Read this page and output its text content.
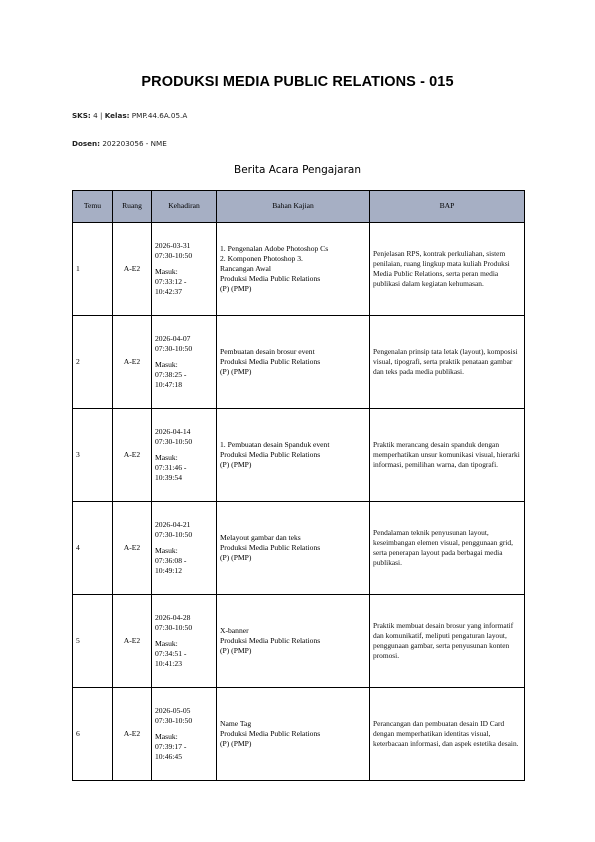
PRODUKSI MEDIA PUBLIC RELATIONS - 015
SKS: 4 | Kelas: PMP.44.6A.05.A
Dosen: 202203056 - NME
Berita Acara Pengajaran
Temu	Ruang	Kehadiran	Bahan Kajian	BAP
1	A-E2	2026-03-31
07:30-10:50
Masuk:
07:33:12 -
10:42:37	1. Pengenalan Adobe Photoshop Cs
2. Komponen Photoshop 3.
Rancangan Awal
Produksi Media Public Relations
(P) (PMP)	Penjelasan RPS, kontrak perkuliahan, sistem penilaian, ruang lingkup mata kuliah Produksi Media Public Relations, serta peran media publikasi dalam kegiatan kehumasan.
2	A-E2	2026-04-07
07:30-10:50
Masuk:
07:38:25 -
10:47:18	Pembuatan desain brosur event
Produksi Media Public Relations
(P) (PMP)	Pengenalan prinsip tata letak (layout), komposisi visual, tipografi, serta praktik penataan gambar dan teks pada media publikasi.
3	A-E2	2026-04-14
07:30-10:50
Masuk:
07:31:46 -
10:39:54	1. Pembuatan desain Spanduk event
Produksi Media Public Relations
(P) (PMP)	Praktik merancang desain spanduk dengan memperhatikan unsur komunikasi visual, hierarki informasi, pemilihan warna, dan tipografi.
4	A-E2	2026-04-21
07:30-10:50
Masuk:
07:36:08 -
10:49:12	Melayout gambar dan teks
Produksi Media Public Relations
(P) (PMP)	Pendalaman teknik penyusunan layout, keseimbangan elemen visual, penggunaan grid, serta penerapan layout pada berbagai media publikasi.
5	A-E2	2026-04-28
07:30-10:50
Masuk:
07:34:51 -
10:41:23	X-banner
Produksi Media Public Relations
(P) (PMP)	Praktik membuat desain brosur yang informatif dan komunikatif, meliputi pengaturan layout, penggunaan gambar, serta penyusunan konten promosi.
6	A-E2	2026-05-05
07:30-10:50
Masuk:
07:39:17 -
10:46:45	Name Tag
Produksi Media Public Relations
(P) (PMP)	Perancangan dan pembuatan desain ID Card dengan memperhatikan identitas visual, keterbacaan informasi, dan aspek estetika desain.
